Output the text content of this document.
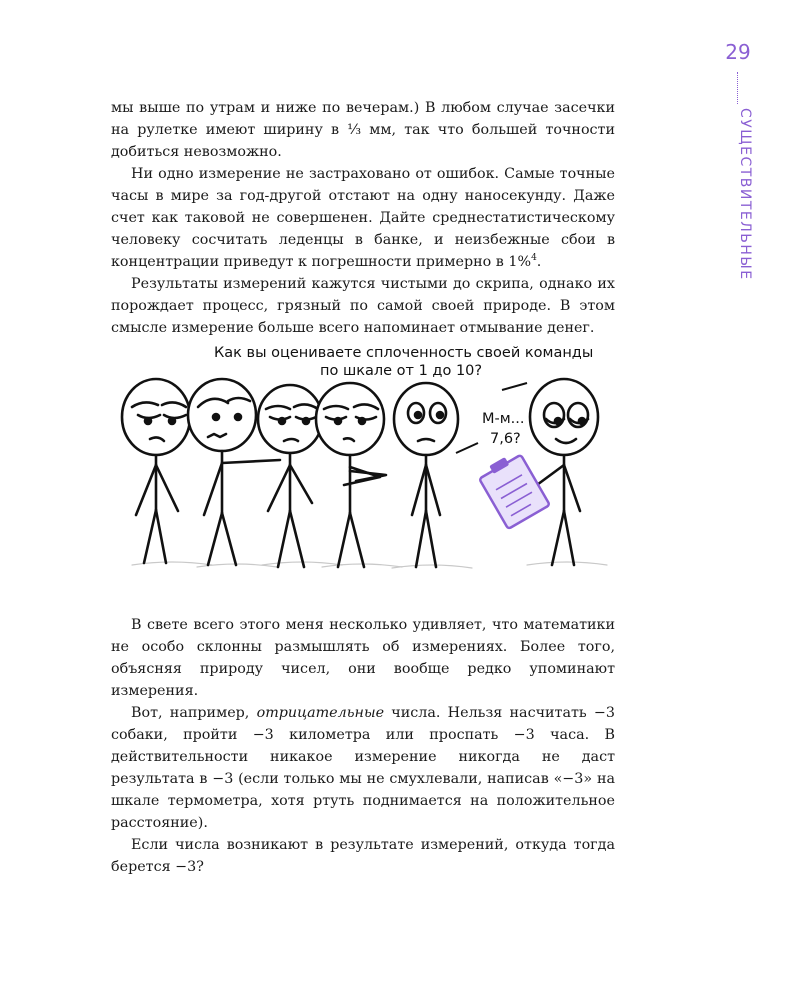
29
СУЩЕСТВИТЕЛЬНЫЕ

мы выше по утрам и ниже по вечерам.) В любом случае засечки на рулетке имеют ширину в ⅓ мм, так что большей точности добиться невозможно.

Ни одно измерение не застраховано от ошибок. Самые точные часы в мире за год-другой отстают на одну наносекунду. Даже счет как таковой не совершенен. Дайте среднестатистическому человеку сосчитать леденцы в банке, и неизбежные сбои в концентрации приведут к погрешности примерно в 1%$^4$.

Результаты измерений кажутся чистыми до скрипа, однако их порождает процесс, грязный по самой своей природе. В этом смысле измерение больше всего напоминает отмывание денег.

Как вы оцениваете сплоченность своей команды
по шкале от 1 до 10?
М-м...
7,6?

В свете всего этого меня несколько удивляет, что математики не особо склонны размышлять об измерениях. Более того, объясняя природу чисел, они вообще редко упоминают измерения.

Вот, например, отрицательные числа. Нельзя насчитать −3 собаки, пройти −3 километра или проспать −3 часа. В действительности никакое измерение никогда не даст результата в −3 (если только мы не смухлевали, написав «−3» на шкале термометра, хотя ртуть поднимается на положительное расстояние).

Если числа возникают в результате измерений, откуда тогда берется −3?
